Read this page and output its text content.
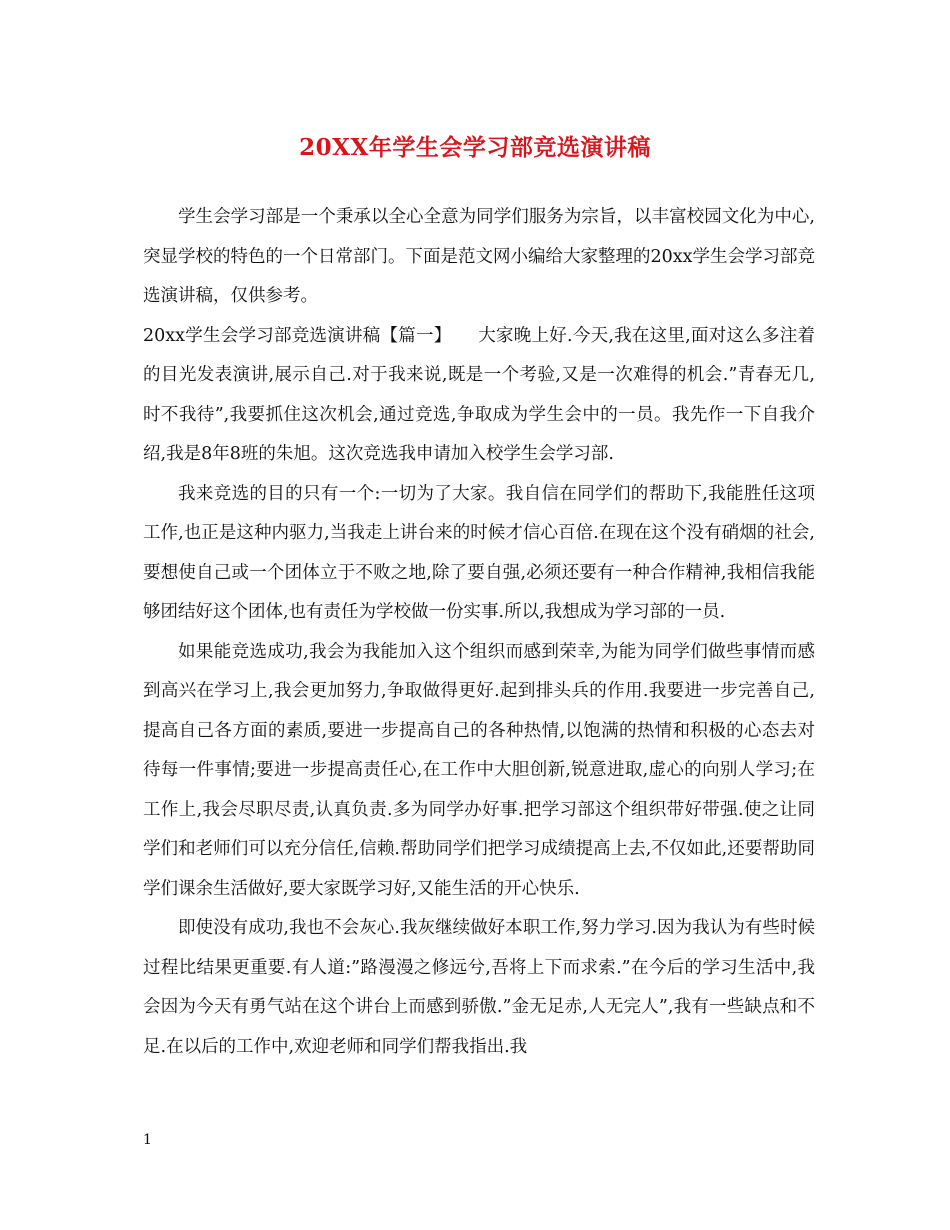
20XX年学生会学习部竞选演讲稿

学生会学习部是一个秉承以全心全意为同学们服务为宗旨，以丰富校园文化为中心,突显学校的特色的一个日常部门。下面是范文网小编给大家整理的20xx学生会学习部竞选演讲稿，仅供参考。

20xx学生会学习部竞选演讲稿【篇一】　　大家晚上好.今天,我在这里,面对这么多注着的目光发表演讲,展示自己.对于我来说,既是一个考验,又是一次难得的机会.”青春无几,时不我待”,我要抓住这次机会,通过竞选,争取成为学生会中的一员。我先作一下自我介绍,我是8年8班的朱旭。这次竞选我申请加入校学生会学习部.

我来竞选的目的只有一个:一切为了大家。我自信在同学们的帮助下,我能胜任这项工作,也正是这种内驱力,当我走上讲台来的时候才信心百倍.在现在这个没有硝烟的社会,要想使自己或一个团体立于不败之地,除了要自强,必须还要有一种合作精神,我相信我能够团结好这个团体,也有责任为学校做一份实事.所以,我想成为学习部的一员.

如果能竞选成功,我会为我能加入这个组织而感到荣幸,为能为同学们做些事情而感到高兴在学习上,我会更加努力,争取做得更好.起到排头兵的作用.我要进一步完善自己,提高自己各方面的素质,要进一步提高自己的各种热情,以饱满的热情和积极的心态去对待每一件事情;要进一步提高责任心,在工作中大胆创新,锐意进取,虚心的向别人学习;在工作上,我会尽职尽责,认真负责.多为同学办好事.把学习部这个组织带好带强.使之让同学们和老师们可以充分信任,信赖.帮助同学们把学习成绩提高上去,不仅如此,还要帮助同学们课余生活做好,要大家既学习好,又能生活的开心快乐.

即使没有成功,我也不会灰心.我灰继续做好本职工作,努力学习.因为我认为有些时候过程比结果更重要.有人道:”路漫漫之修远兮,吾将上下而求索.”在今后的学习生活中,我会因为今天有勇气站在这个讲台上而感到骄傲.”金无足赤,人无完人”,我有一些缺点和不足.在以后的工作中,欢迎老师和同学们帮我指出.我

1
